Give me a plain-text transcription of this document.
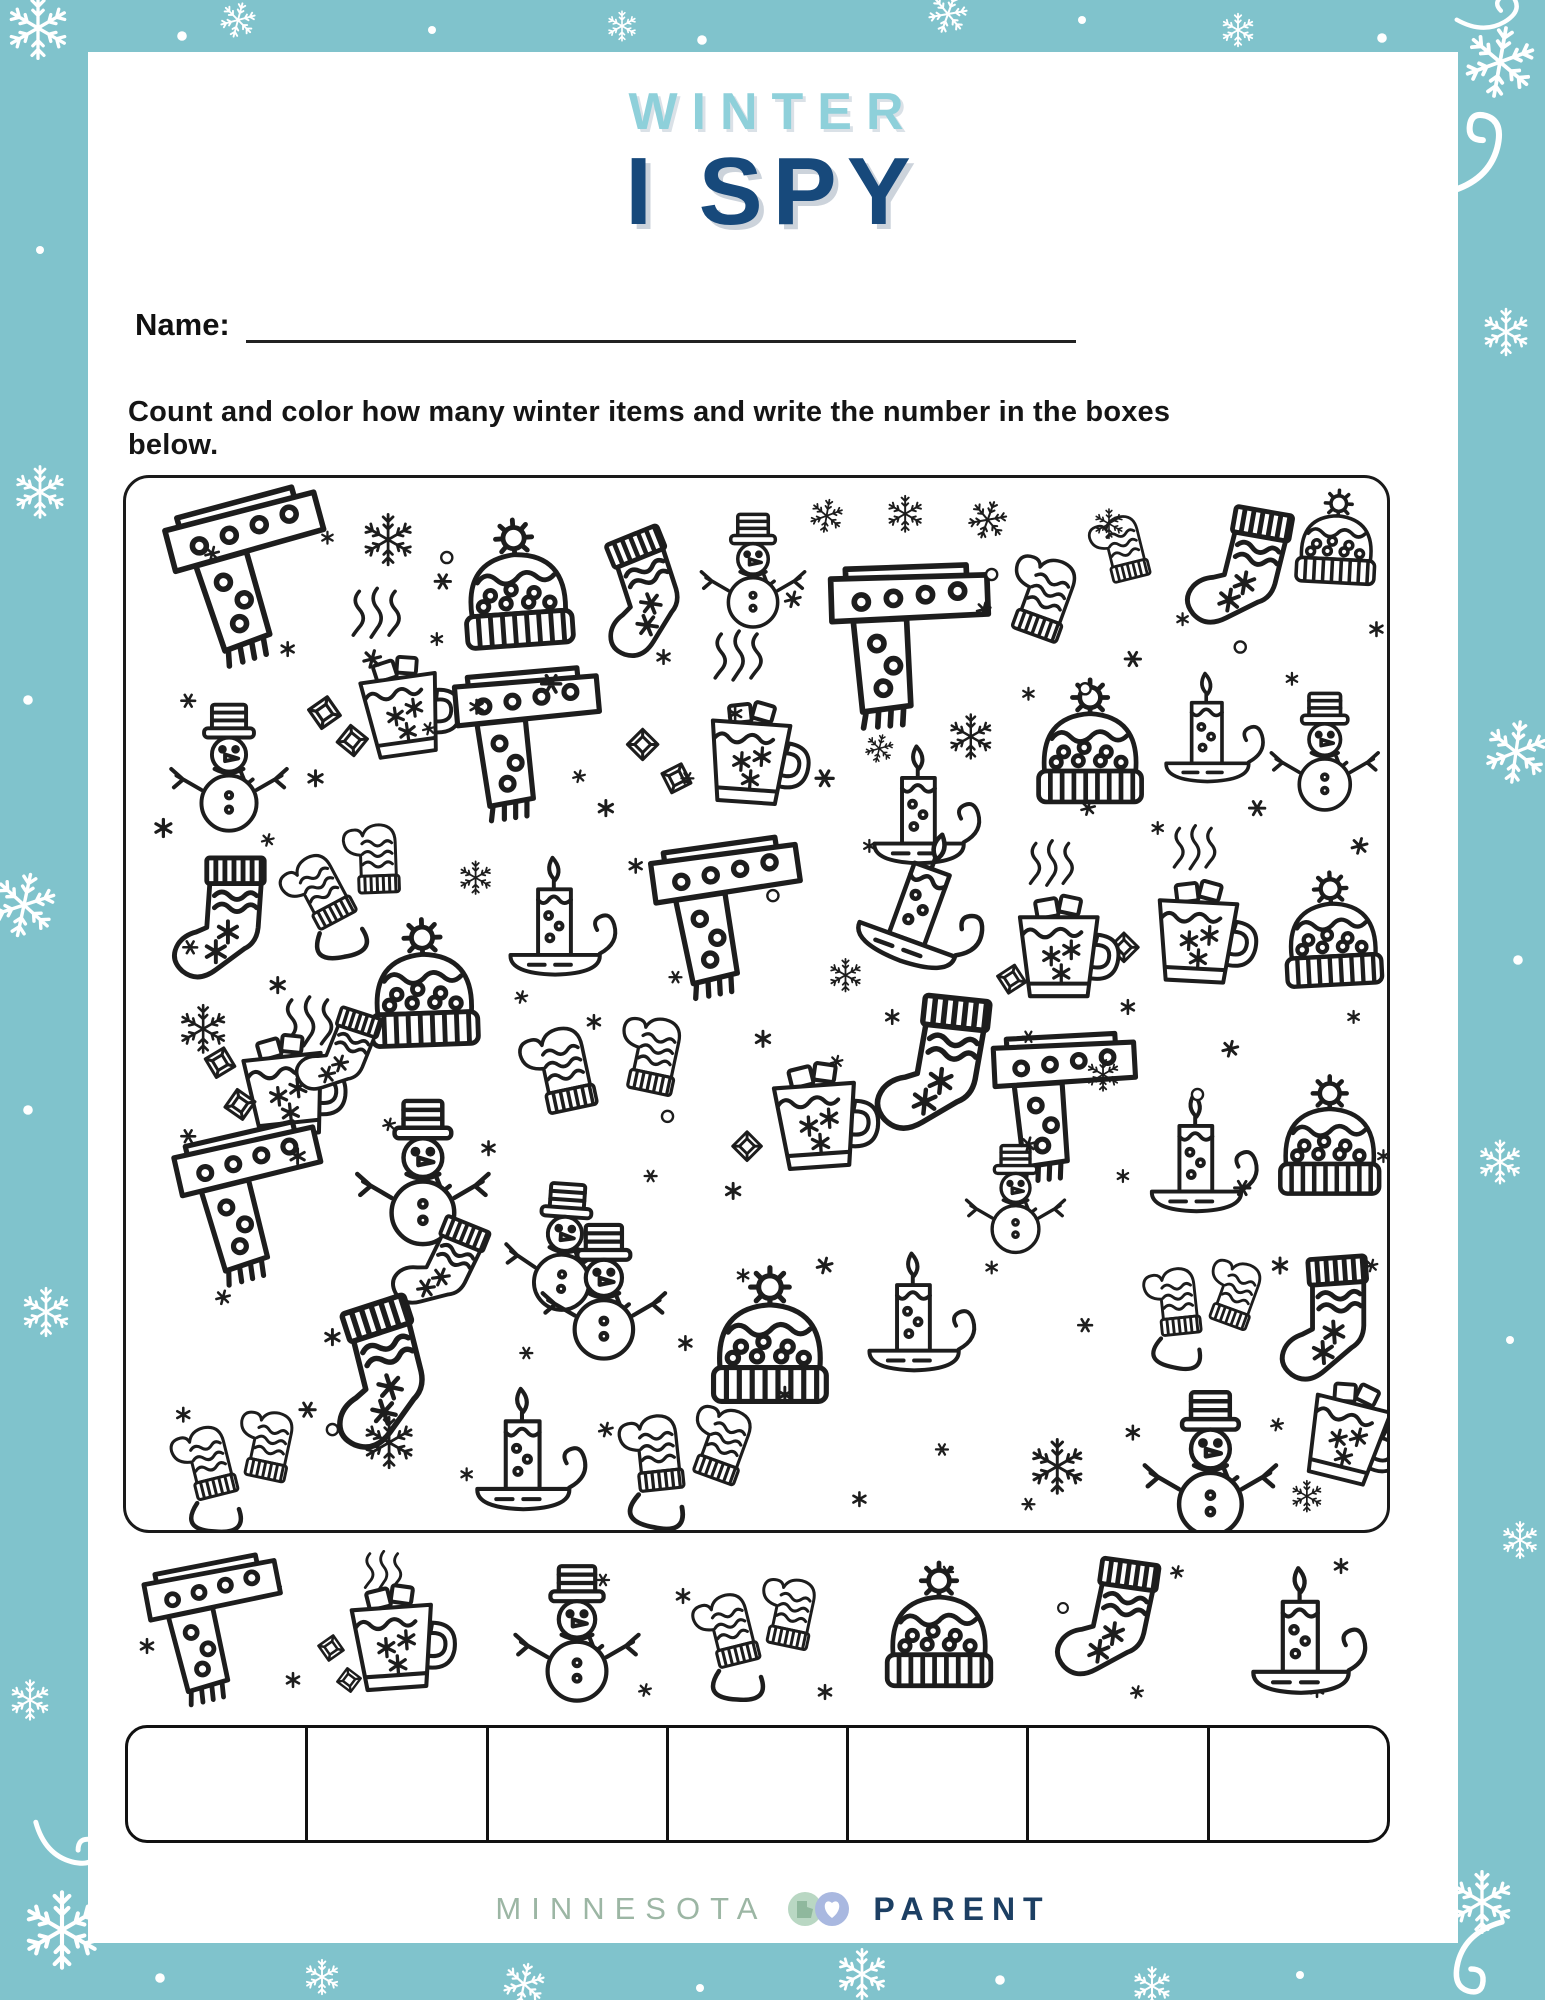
WINTER
I SPY
Name:
Count and color how many winter items and write the number in the boxes below.
MINNESOTA	PARENT
